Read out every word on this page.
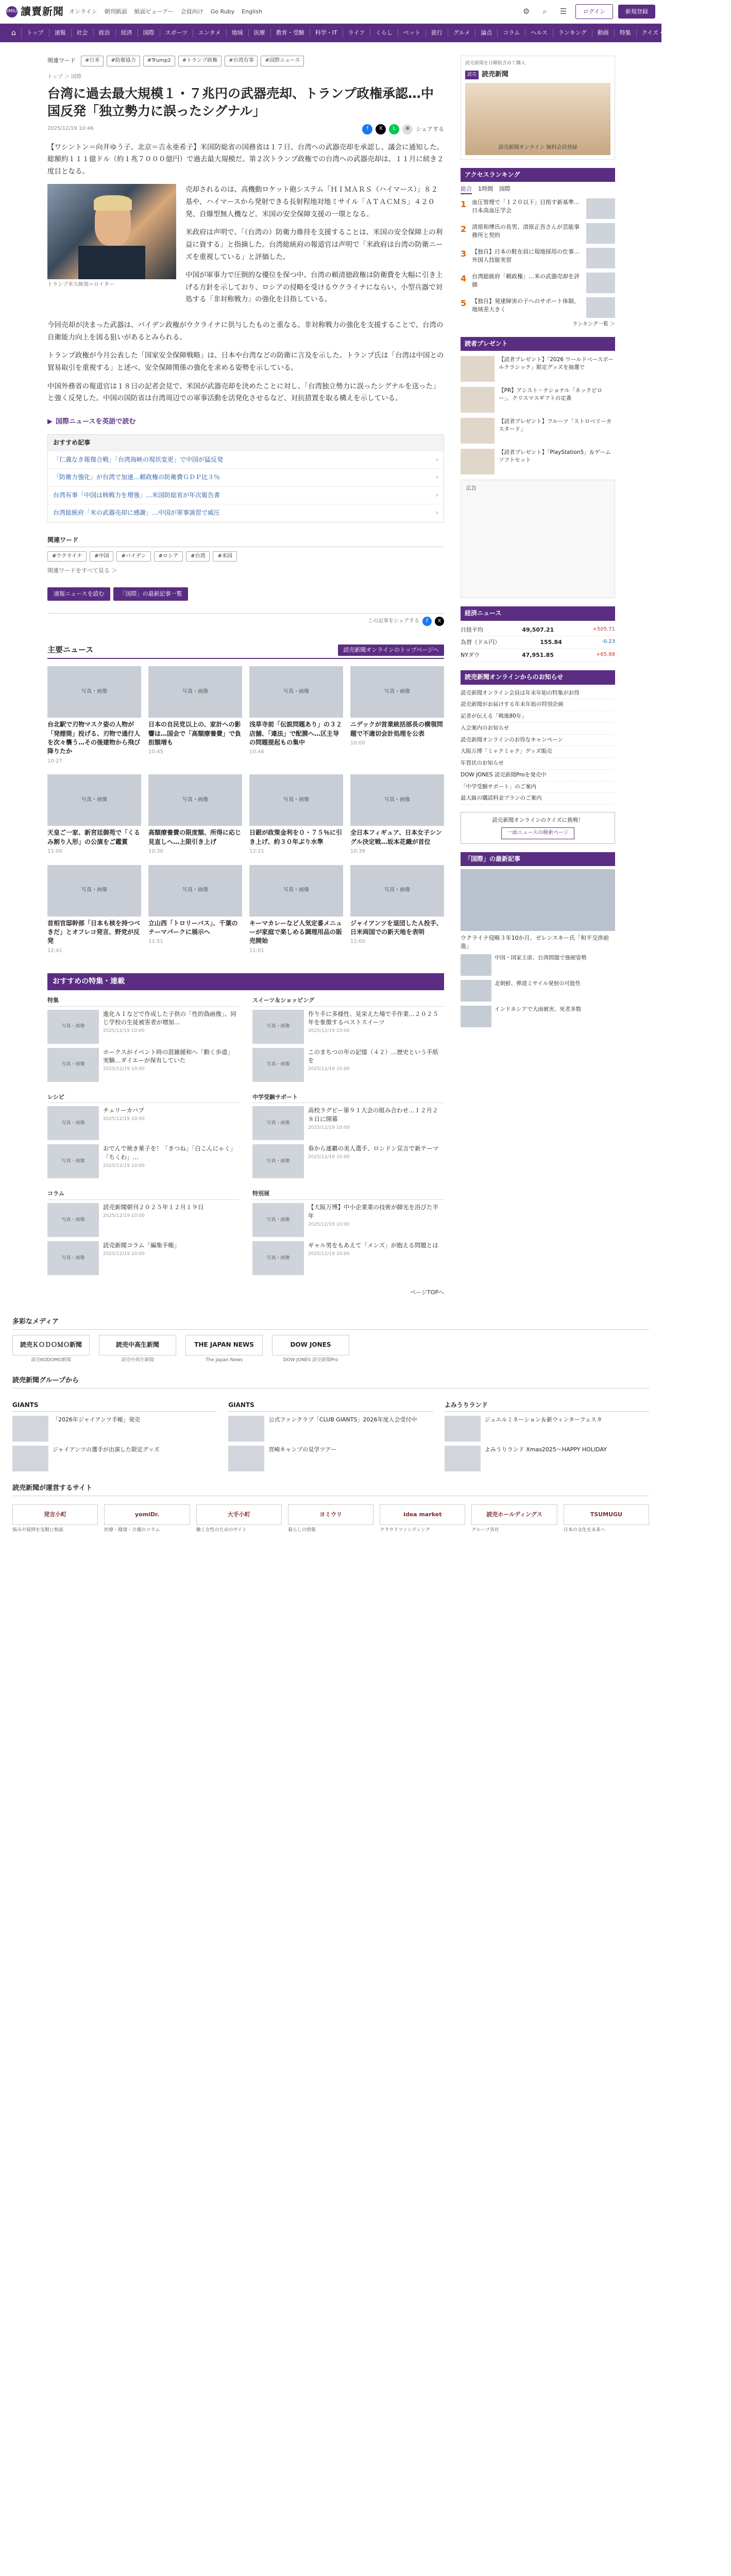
YOMIURI
讀賣新聞 オンライン 朝刊紙面 紙面ビューアー 会員向け Go Ruby English	⚙	⌕	☰	ログイン	新規登録
⌂	トップ	速報	社会	政治	経済	国際	スポーツ	エンタメ	地域	医療	教育・受験	科学・IT	ライフ	くらし	ペット	旅行	グルメ	論点	コラム	ヘルス	ランキング	動画	特集	クイズ・ゲーム	地域ニュース
関連ワード	#日米	#防衛協力	#Trump2	#トランプ政権	#台湾有事	#国際ニュース
トップ ＞ 国際
台湾に過去最大規模１・７兆円の武器売却、トランプ政権承認…中国反発「独立勢力に誤ったシグナル」
2025/12/19 10:46	f	X	L	⊕	シェアする

【ワシントン＝向井ゆう子、北京＝吉永亜希子】米国防総省の国務省は１７日、台湾への武器売却を承認し、議会に通知した。総額約１１１億ドル（約１兆７０００億円）で過去最大規模だ。第２次トランプ政権での台湾への武器売却は、１１月に続き２度目となる。

トランプ米大統領＝ロイター

売却されるのは、高機動ロケット砲システム「ＨＩＭＡＲＳ（ハイマース）」８２基や、ハイマースから発射できる長射程地対地ミサイル「ＡＴＡＣＭＳ」４２０発、自爆型無人機など。米国の安全保障支援の一環となる。

米政府は声明で、「（台湾の）防衛力維持を支援することは、米国の安全保障上の利益に資する」と指摘した。台湾総統府の報道官は声明で「米政府は台湾の防衛ニーズを重視している」と評価した。

中国が軍事力で圧倒的な優位を保つ中、台湾の頼清徳政権は防衛費を大幅に引き上げる方針を示しており、ロシアの侵略を受けるウクライナにならい、小型兵器で対処する「非対称戦力」の強化を目指している。

今回売却が決まった武器は、バイデン政権がウクライナに供与したものと重なる。非対称戦力の強化を支援することで、台湾の自衛能力向上を図る狙いがあるとみられる。

トランプ政権が今月公表した「国家安全保障戦略」は、日本や台湾などの防衛に言及を示した。トランプ氏は「台湾は中国との貿易取引を重視する」と述べ、安全保障関係の強化を求める姿勢を示している。

中国外務省の報道官は１８日の記者会見で、米国が武器売却を決めたことに対し、「台湾独立勢力に誤ったシグナルを送った」と強く反発した。中国の国防省は台湾周辺での軍事活動を活発化させるなど、対抗措置を取る構えを示している。

▶ 国際ニュースを英語で読む
おすすめ記事
「仁義なき報復合戦」「台湾海峡の現状変更」で中国が猛反発	›
「防衛力強化」が台湾で加速…頼政権の防衛費ＧＤＰ比３％	›
台湾有事「中国は核戦力を増強」…米国防総省が年次報告書	›
台湾総統府「米の武器売却に感謝」…中国が軍事演習で威圧	›
関連ワード
#ウクライナ	#中国	#バイデン	#ロシア	#台湾	#米国
関連ワードをすべて見る ＞
速報ニュースを読む	「国際」の最新記事一覧
この記事をシェアする	f	X
主要ニュース	読売新聞オンラインのトップページへ
写真・画像
台北駅で刃物マスク姿の人物が「発煙筒」投げる、刃物で通行人を次々襲う…その後建物から飛び降りたか
10:27
写真・画像
日本の自民党以上の、家計への影響は…国会で「高額療養費」で負担額増も
10:45
写真・画像
浅草寺前「伝説問題あり」の３２店舗、「違法」で配膜へ…区主导の問題提起もの集中
10:46
写真・画像
ニデックが営業統括部長の横領問題で不適切会計処理を公表
10:00
写真・画像
天皇ご一家、新宮廷御苑で「くるみ割り人形」の公演をご鑑賞
11:00
写真・画像
高額療養費の限度額、所得に応じ見直しへ…上限引き上げ
10:30
写真・画像
日銀が政策金利を０・７５％に引き上げ、約３０年ぶり水準
12:21
写真・画像
全日本フィギュア、日本女子シングル決定戦…坂本花織が首位
10:39
写真・画像
首相官邸幹部「日本も核を持つべきだ」とオフレコ発言、野党が反発
12:41
写真・画像
立山西「トロリーバス」、千葉のテーマパークに展示へ
11:51
写真・画像
キーマカレーなど人気定番メニューが家庭で楽しめる調理用品の販売開始
11:01
写真・画像
ジャイアンツを退団したＡ投手、日米両国での新天地を表明
11:00
おすすめの特集・連載
特集
写真・画像
進化ＡＩなどで作成した子供の「性的偽画像」、同じ学校の生徒被害者が増加…
2025/12/19 10:00
写真・画像
ホークスがイベント時の混雑緩和へ「動く歩道」実験…ダイエーが保有していた
2025/12/19 10:00
スイーツ＆ショッピング
写真・画像
作り手に多様性、見栄えた場で手作業…２０２５年を象徴するベストスイーツ
2025/12/19 10:00
写真・画像
このまちつの年の記憶（４２）…歴史という手紙を
2025/12/19 10:00
レシピ
写真・画像
チェリーカバブ
2025/12/19 10:00
写真・画像
おでんで焼き菓子を！「きつね」「白こんにゃく」「ちくわ」…
2025/12/19 10:00
中学受験サポート
写真・画像
高校ラグビー第９１大会の組み合わせ…１２月２８日に開幕
2025/12/19 10:00
写真・画像
春から連覇の美人選手、ロンドン宣言で新テーマ
2025/12/19 10:00
コラム
写真・画像
読売新聞朝刊２０２５年１２月１９日
2025/12/19 10:00
写真・画像
読売新聞コラム「編集手帳」
2025/12/19 10:00
特別展
写真・画像
【大阪万博】中小企業業の技術が脚光を浴びた半年
2025/12/19 10:00
写真・画像
ギャル男をもあえて「メンズ」が抱える問題とは
2025/12/19 10:00
ページTOPへ
読売新聞を日曜版含めて購入
読売 読売新聞
読売新聞オンライン 無料会員登録
アクセスランキング
総合 1時間 国際
1 血圧管理で「１２０以下」目指す新基準…日本高血圧学会
2 清原和博氏の長男、清原正吾さんが芸能事務所と契約
3 【独自】日本の駐在員に現地採用の仕事…外国人技能実習
4 台湾総統府「頼政権」…米の武器売却を評価
5 【独自】発達障害の子へのサポート体制、地域差大きく
ランキング一覧 ＞
読者プレゼント
【読者プレゼント】「2026 ワールドベースボールクラシック」限定グッズを抽選で
【PR】アシスト・ナショナル「ネックピロー」、クリスマスギフトの定番
【読者プレゼント】フルーツ「ストロベリーカスタード」
【読者プレゼント】「PlayStation5」＆ゲームソフトセット
広告
経済ニュース
日経平均	49,507.21	+505.71
為替（ドル円）	155.84	-0.23
NYダウ	47,951.85	+65.88
読売新聞オンラインからのお知らせ
読売新聞オンライン会員は年末年始の特集がお得
読売新聞がお届けする年末年始の特別企画
記者が伝える「戦後80年」
入会案内のお知らせ
読売新聞オンラインのお得なキャンペーン
大阪万博「ミャクミャク」グッズ販売
年賀状のお知らせ
DOW JONES 読売新聞Proを発売中
「中学受験サポート」のご案内
最大級の購読料金プランのご案内
読売新聞オンラインのクイズに挑戦！
一面ニュースの検索ページ
「国際」の最新記事
ウクライナ侵略３年10か月、ゼレンスキー氏「和平交渉前進」
中国・国家主席、台湾問題で強硬姿勢
北朝鮮、弾道ミサイル発射の可能性
インドネシアで大雨被害、死者多数
多彩なメディア
読売ＫＯＤＯＭＯ新聞
読売KODOMO新聞
読売中高生新聞
読売中高生新聞
THE JAPAN NEWS
The Japan News
DOW JONES
DOW JONES 読売新聞Pro
読売新聞グループから
GIANTS
「2026年ジャイアンツ手帳」発売
ジャイアンツの選手が出演した限定グッズ
GIANTS
公式ファンクラブ「CLUB GIANTS」2026年度入会受付中
宮崎キャンプの見学ツアー
よみうりランド
ジュエルミネーション＆新ウィンターフェスタ
よみうりランド Xmas2025～HAPPY HOLIDAY
読売新聞が運営するサイト
発言小町
悩みや疑問を気軽に相談
yomiDr.
医療・健康・介護のコラム
大手小町
働く女性のためのサイト
ヨミウリ
暮らしの情報
idea market
クラウドファンディング
読売ホールディングス
グループ各社
TSUMUGU
日本の文化を未来へ
